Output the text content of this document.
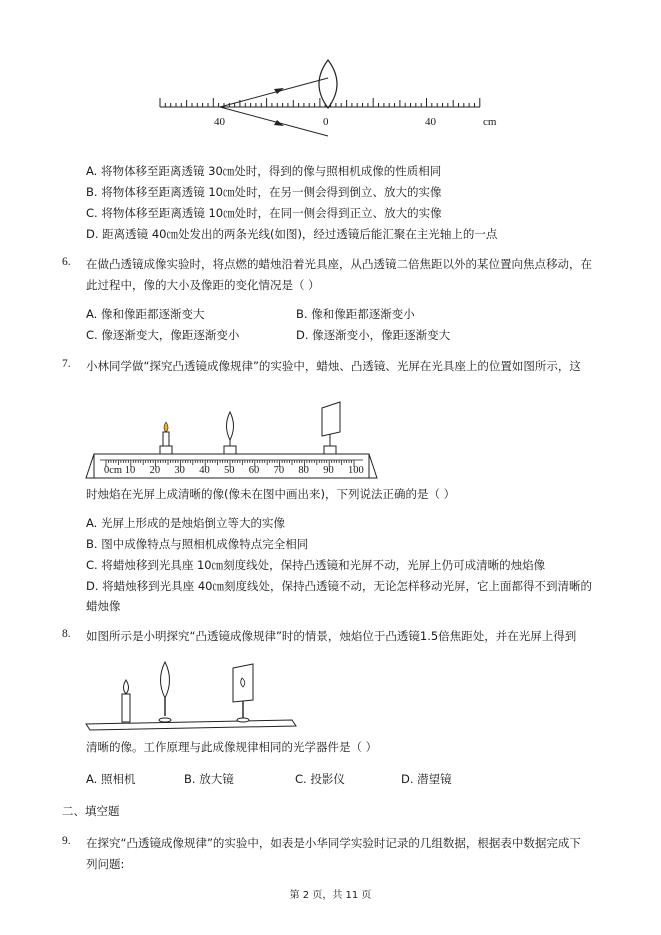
40	0	40	cm
A. 将物体移至距离透镜 30㎝处时，得到的像与照相机成像的性质相同
B. 将物体移至距离透镜 10㎝处时，在另一侧会得到倒立、放大的实像
C. 将物体移至距离透镜 10㎝处时，在同一侧会得到正立、放大的实像
D. 距离透镜 40㎝处发出的两条光线(如图)，经过透镜后能汇聚在主光轴上的一点
6. 在做凸透镜成像实验时，将点燃的蜡烛沿着光具座，从凸透镜二倍焦距以外的某位置向焦点移动，在
此过程中，像的大小及像距的变化情况是（ ）
A. 像和像距都逐渐变大	B. 像和像距都逐渐变小
C. 像逐渐变大，像距逐渐变小	D. 像逐渐变小，像距逐渐变大
7. 小林同学做“探究凸透镜成像规律”的实验中，蜡烛、凸透镜、光屏在光具座上的位置如图所示，这
0cm 10 20 30 40 50 60 70 80 90 100
时烛焰在光屏上成清晰的像(像未在图中画出来)，下列说法正确的是（ ）
A. 光屏上形成的是烛焰倒立等大的实像
B. 图中成像特点与照相机成像特点完全相同
C. 将蜡烛移到光具座 10㎝刻度线处，保持凸透镜和光屏不动，光屏上仍可成清晰的烛焰像
D. 将蜡烛移到光具座 40㎝刻度线处，保持凸透镜不动，无论怎样移动光屏，它上面都得不到清晰的
蜡烛像
8. 如图所示是小明探究“凸透镜成像规律”时的情景，烛焰位于凸透镜1.5倍焦距处，并在光屏上得到
清晰的像。工作原理与此成像规律相同的光学器件是（ ）
A. 照相机	B. 放大镜	C. 投影仪	D. 潜望镜
二、填空题
9. 在探究“凸透镜成像规律”的实验中，如表是小华同学实验时记录的几组数据，根据表中数据完成下
列问题:
第 2 页，共 11 页
